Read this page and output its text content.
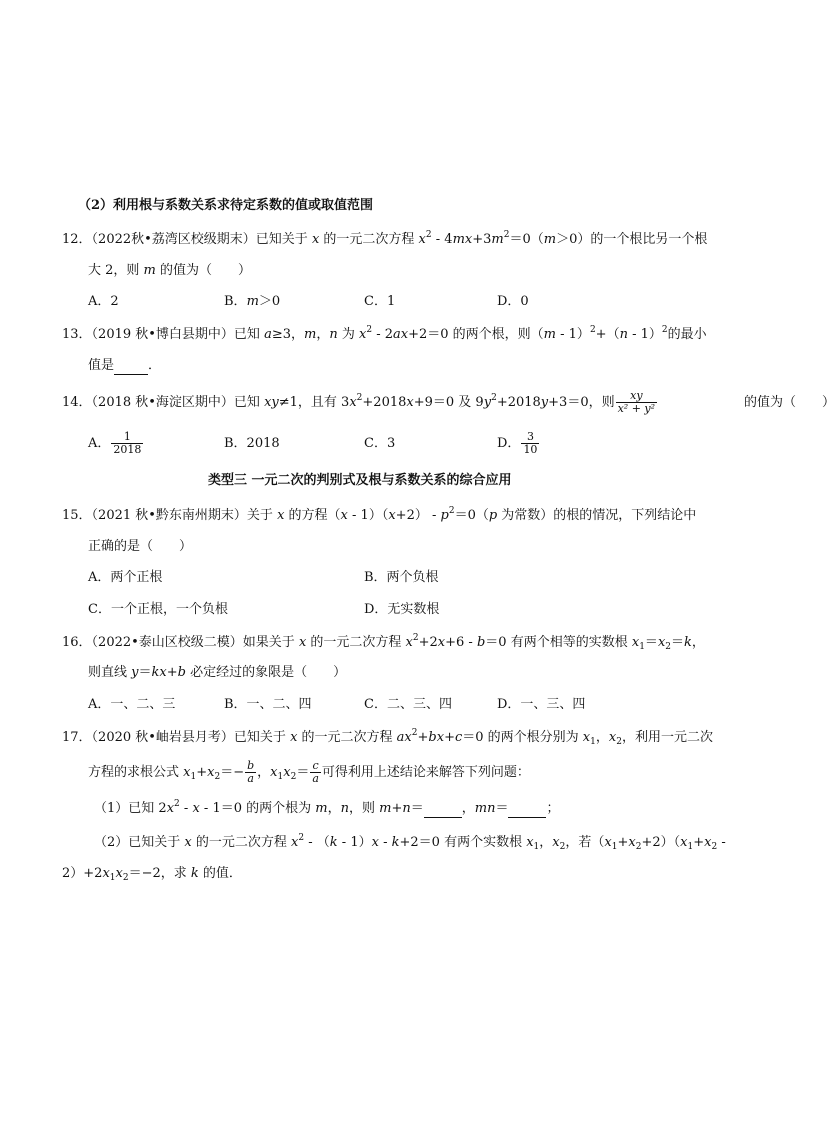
（2）利用根与系数关系求待定系数的值或取值范围
12．（2022秋•荔湾区校级期末）已知关于 x 的一元二次方程 $x^2 - 4mx+3m^2=0(m>0)$的一个根比另一个根
大 2，则 m 的值为（　　）
A．2	B．m＞0	C．1	D．0
13．（2019 秋•博白县期中）已知 a≥3，m，n 为 $x^2 - 2ax+2=0$ 的两个根，则（m - 1）$^2$+（n - 1）$^2$的最小
值是	．
14．（2018 秋•海淀区期中）已知 xy≠1，且有 $3x^2+2018x+9=0$ 及 $9y^2+2018y+3=0$，则 $\frac{xy}{\text{x² + y²}}$	的值为（　　）
A． $\frac{1}{2018}$	B．2018	C．3	D． $\frac{3}{10}$
类型三 一元二次的判别式及根与系数关系的综合应用
15．（2021 秋•黔东南州期末）关于 x 的方程$(x - 1)(x+2) - p^2=0(p$ 为常数）的根的情况，下列结论中
正确的是（　　）
A．两个正根	B．两个负根
C．一个正根，一个负根	D．无实数根
16．（2022•泰山区校级二模）如果关于 x 的一元二次方程 $x^2+2x+6 - b=0$ 有两个相等的实数根 $x_1=x_2=k$，
则直线 y＝kx+b 必定经过的象限是（　　）
A．一、二、三	B．一、二、四	C．二、三、四	D．一、三、四
17．（2020 秋•岫岩县月考）已知关于 x 的一元二次方程 $ax^2+bx+c=0$ 的两个根分别为 $x_1$，$x_2$，利用一元二次
方程的求根公式 $x_1+x_2=- \frac{b}{a}$ ，$x_1x_2= \frac{c}{a}$ 可得利用上述结论来解答下列问题：
（1）已知 $2x^2 - x - 1=0$ 的两个根为 m，n，则 m+n＝	，mn＝	；
（2）已知关于 x 的一元二次方程 $x^2 - (k - 1)x - k+2=0$ 有两个实数根 $x_1$，$x_2$，若$(x_1+x_2+2)(x_1+x_2$ -
$2)+2x_1x_2=-2$，求 k 的值．
